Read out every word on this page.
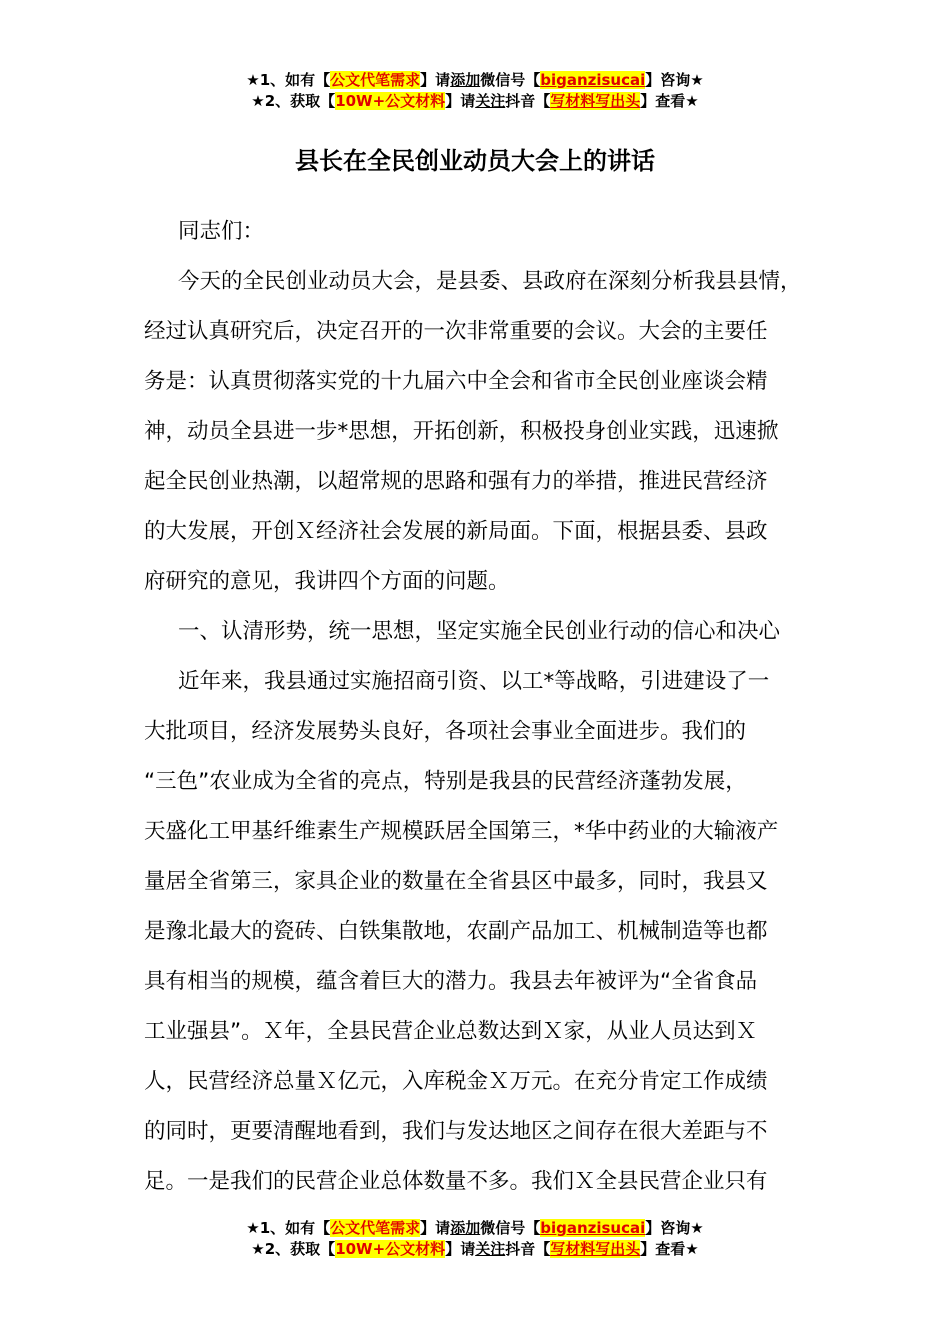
★1、如有【公文代笔需求】请添加微信号【biganzisucai】咨询★
★2、获取【10W+公文材料】请关注抖音【写材料写出头】查看★
县长在全民创业动员大会上的讲话

同志们：

今天的全民创业动员大会，是县委、县政府在深刻分析我县县情，

经过认真研究后，决定召开的一次非常重要的会议。大会的主要任

务是：认真贯彻落实党的十九届六中全会和省市全民创业座谈会精

神，动员全县进一步*思想，开拓创新，积极投身创业实践，迅速掀

起全民创业热潮，以超常规的思路和强有力的举措，推进民营经济

的大发展，开创Ｘ经济社会发展的新局面。下面，根据县委、县政

府研究的意见，我讲四个方面的问题。

一、认清形势，统一思想，坚定实施全民创业行动的信心和决心

近年来，我县通过实施招商引资、以工*等战略，引进建设了一

大批项目，经济发展势头良好，各项社会事业全面进步。我们的

“三色”农业成为全省的亮点，特别是我县的民营经济蓬勃发展，

天盛化工甲基纤维素生产规模跃居全国第三，*华中药业的大输液产

量居全省第三，家具企业的数量在全省县区中最多，同时，我县又

是豫北最大的瓷砖、白铁集散地，农副产品加工、机械制造等也都

具有相当的规模，蕴含着巨大的潜力。我县去年被评为“全省食品

工业强县”。Ｘ年，全县民营企业总数达到Ｘ家，从业人员达到Ｘ

人，民营经济总量Ｘ亿元，入库税金Ｘ万元。在充分肯定工作成绩

的同时，更要清醒地看到，我们与发达地区之间存在很大差距与不

足。一是我们的民营企业总体数量不多。我们Ｘ全县民营企业只有

★1、如有【公文代笔需求】请添加微信号【biganzisucai】咨询★
★2、获取【10W+公文材料】请关注抖音【写材料写出头】查看★
